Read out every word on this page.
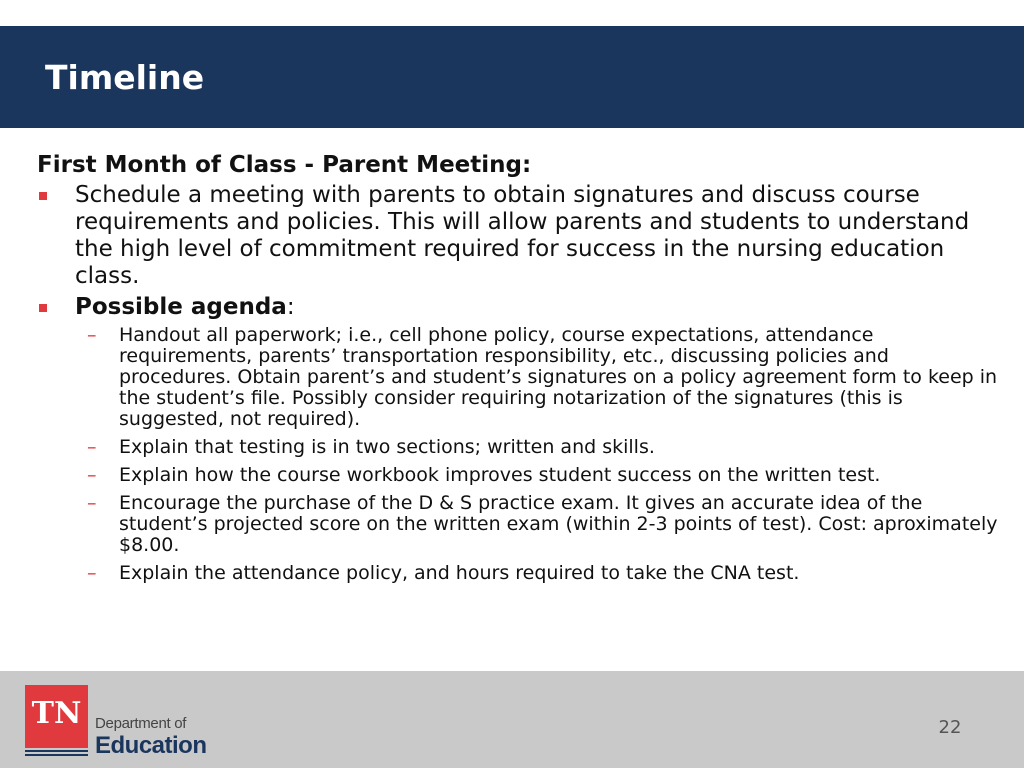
Timeline

First Month of Class - Parent Meeting:

Schedule a meeting with parents to obtain signatures and discuss course requirements and policies. This will allow parents and students to understand the high level of commitment required for success in the nursing education class.
Possible agenda:
– Handout all paperwork; i.e., cell phone policy, course expectations, attendance requirements, parents’ transportation responsibility, etc., discussing policies and procedures. Obtain parent’s and student’s signatures on a policy agreement form to keep in the student’s file. Possibly consider requiring notarization of the signatures (this is suggested, not required).
– Explain that testing is in two sections; written and skills.
– Explain how the course workbook improves student success on the written test.
– Encourage the purchase of the D & S practice exam. It gives an accurate idea of the student’s projected score on the written exam (within 2-3 points of test). Cost: aproximately $8.00.
– Explain the attendance policy, and hours required to take the CNA test.
TN Department of
Education
22
